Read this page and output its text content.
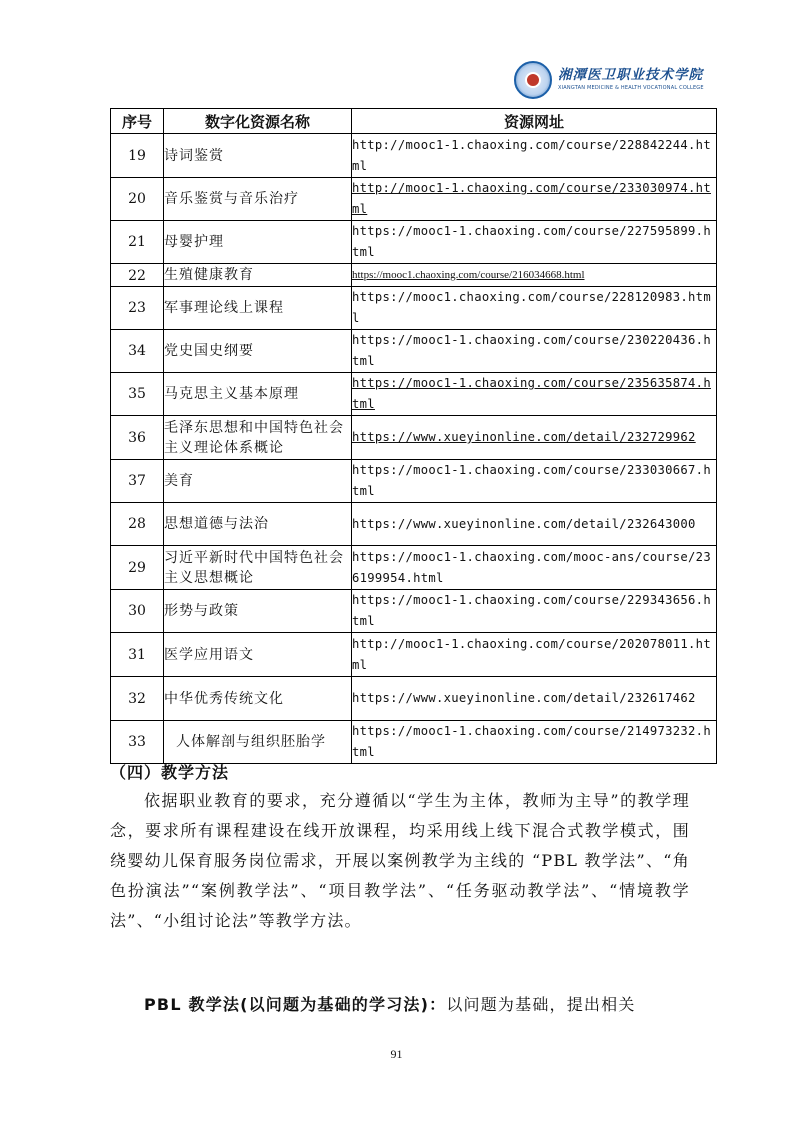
湘潭医卫职业技术学院
XIANGTAN MEDICINE & HEALTH VOCATIONAL COLLEGE
序号	数字化资源名称	资源网址
19	诗词鉴赏	http://mooc1-1.chaoxing.com/course/228842244.html
20	音乐鉴赏与音乐治疗	http://mooc1-1.chaoxing.com/course/233030974.html
21	母婴护理	https://mooc1-1.chaoxing.com/course/227595899.html
22	生殖健康教育	https://mooc1.chaoxing.com/course/216034668.html
23	军事理论线上课程	https://mooc1.chaoxing.com/course/228120983.html
34	党史国史纲要	https://mooc1-1.chaoxing.com/course/230220436.html
35	马克思主义基本原理	https://mooc1-1.chaoxing.com/course/235635874.html
36	毛泽东思想和中国特色社会主义理论体系概论	https://www.xueyinonline.com/detail/232729962
37	美育	https://mooc1-1.chaoxing.com/course/233030667.html
28	思想道德与法治	https://www.xueyinonline.com/detail/232643000
29	习近平新时代中国特色社会主义思想概论	https://mooc1-1.chaoxing.com/mooc-ans/course/236199954.html
30	形势与政策	https://mooc1-1.chaoxing.com/course/229343656.html
31	医学应用语文	http://mooc1-1.chaoxing.com/course/202078011.html
32	中华优秀传统文化	https://www.xueyinonline.com/detail/232617462
33	人体解剖与组织胚胎学	https://mooc1-1.chaoxing.com/course/214973232.html
（四）教学方法
依据职业教育的要求，充分遵循以“学生为主体，教师为主导”的教学理念，要求所有课程建设在线开放课程，均采用线上线下混合式教学模式，围绕婴幼儿保育服务岗位需求，开展以案例教学为主线的 “PBL 教学法”、“角色扮演法”“案例教学法”、“项目教学法”、“任务驱动教学法”、“情境教学法”、“小组讨论法”等教学方法。
PBL 教学法(以问题为基础的学习法)：以问题为基础，提出相关
91
